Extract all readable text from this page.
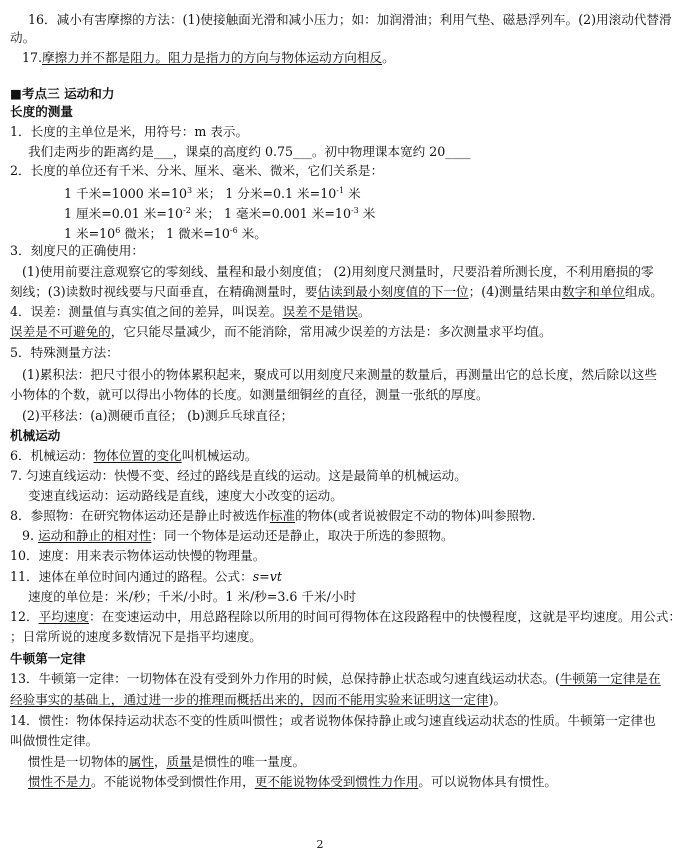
16．减小有害摩擦的方法：(1)使接触面光滑和减小压力；如：加润滑油；利用气垫、磁悬浮列车。(2)用滚动代替滑
动。
17.摩擦力并不都是阻力。阻力是指力的方向与物体运动方向相反。
■考点三 运动和力
长度的测量
1．长度的主单位是米，用符号：m 表示。
我们走两步的距离约是___，课桌的高度约 0.75___。初中物理课本宽约 20____
2．长度的单位还有千米、分米、厘米、毫米、微米，它们关系是：
1 千米=1000 米$=10^3$ 米； 1 分米=0.1 米$=10^{-1}$ 米
1 厘米=0.01 米$=10^{-2}$ 米； 1 毫米=0.001 米$=10^{-3}$ 米
1 米$=10^6$ 微米； 1 微米$=10^{-6}$ 米。
3．刻度尺的正确使用：
(1)使用前要注意观察它的零刻线、量程和最小刻度值； (2)用刻度尺测量时，尺要沿着所测长度，不利用磨损的零
刻线；(3)读数时视线要与尺面垂直，在精确测量时，要估读到最小刻度值的下一位；(4)测量结果由数字和单位组成。
4．误差：测量值与真实值之间的差异，叫误差。误差不是错误。
误差是不可避免的，它只能尽量减少，而不能消除，常用减少误差的方法是：多次测量求平均值。
5．特殊测量方法：
(1)累积法：把尺寸很小的物体累积起来，聚成可以用刻度尺来测量的数量后，再测量出它的总长度，然后除以这些
小物体的个数，就可以得出小物体的长度。如测量细铜丝的直径，测量一张纸的厚度。
(2)平移法：(a)测硬币直径； (b)测乒乓球直径；
机械运动
6．机械运动：物体位置的变化叫机械运动。
7. 匀速直线运动：快慢不变、经过的路线是直线的运动。这是最简单的机械运动。
变速直线运动：运动路线是直线，速度大小改变的运动。
8．参照物：在研究物体运动还是静止时被选作标准的物体(或者说被假定不动的物体)叫参照物.
9. 运动和静止的相对性：同一个物体是运动还是静止，取决于所选的参照物。
10．速度：用来表示物体运动快慢的物理量。
11．速体在单位时间内通过的路程。公式：s=vt
速度的单位是：米/秒；千米/小时。1 米/秒=3.6 千米/小时
12．平均速度：在变速运动中，用总路程除以所用的时间可得物体在这段路程中的快慢程度，这就是平均速度。用公式：
；日常所说的速度多数情况下是指平均速度。
牛顿第一定律
13．牛顿第一定律：一切物体在没有受到外力作用的时候，总保持静止状态或匀速直线运动状态。(牛顿第一定律是在
经验事实的基础上，通过进一步的推理而概括出来的，因而不能用实验来证明这一定律)。
14．惯性：物体保持运动状态不变的性质叫惯性；或者说物体保持静止或匀速直线运动状态的性质。牛顿第一定律也
叫做惯性定律。
惯性是一切物体的属性，质量是惯性的唯一量度。
惯性不是力。不能说物体受到惯性作用，更不能说物体受到惯性力作用。可以说物体具有惯性。
2
